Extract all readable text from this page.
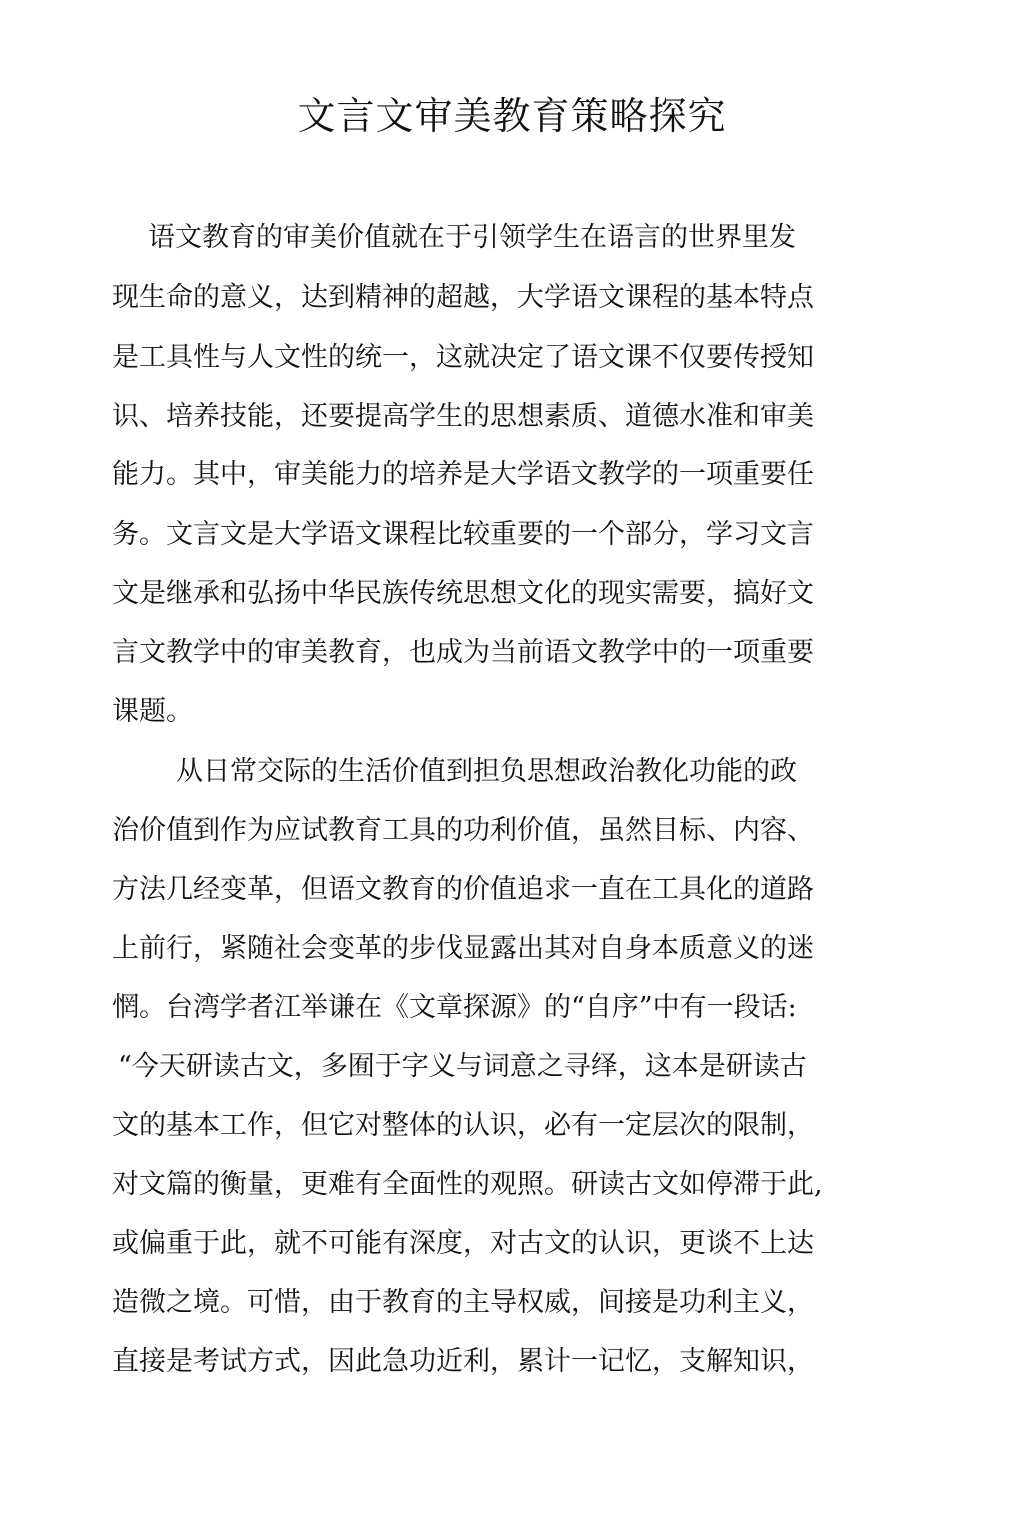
文言文审美教育策略探究

语文教育的审美价值就在于引领学生在语言的世界里发

现生命的意义，达到精神的超越，大学语文课程的基本特点

是工具性与人文性的统一，这就决定了语文课不仅要传授知

识、培养技能，还要提高学生的思想素质、道德水准和审美

能力。其中，审美能力的培养是大学语文教学的一项重要任

务。文言文是大学语文课程比较重要的一个部分，学习文言

文是继承和弘扬中华民族传统思想文化的现实需要，搞好文

言文教学中的审美教育，也成为当前语文教学中的一项重要

课题。

从日常交际的生活价值到担负思想政治教化功能的政

治价值到作为应试教育工具的功利价值，虽然目标、内容、

方法几经变革，但语文教育的价值追求一直在工具化的道路

上前行，紧随社会变革的步伐显露出其对自身本质意义的迷

惘。台湾学者江举谦在《文章探源》的“自序”中有一段话:

“今天研读古文，多囿于字义与词意之寻绎，这本是研读古

文的基本工作，但它对整体的认识，必有一定层次的限制，

对文篇的衡量，更难有全面性的观照。研读古文如停滞于此,

或偏重于此，就不可能有深度，对古文的认识，更谈不上达

造微之境。可惜，由于教育的主导权威，间接是功利主义，

直接是考试方式，因此急功近利，累计一记忆，支解知识，
